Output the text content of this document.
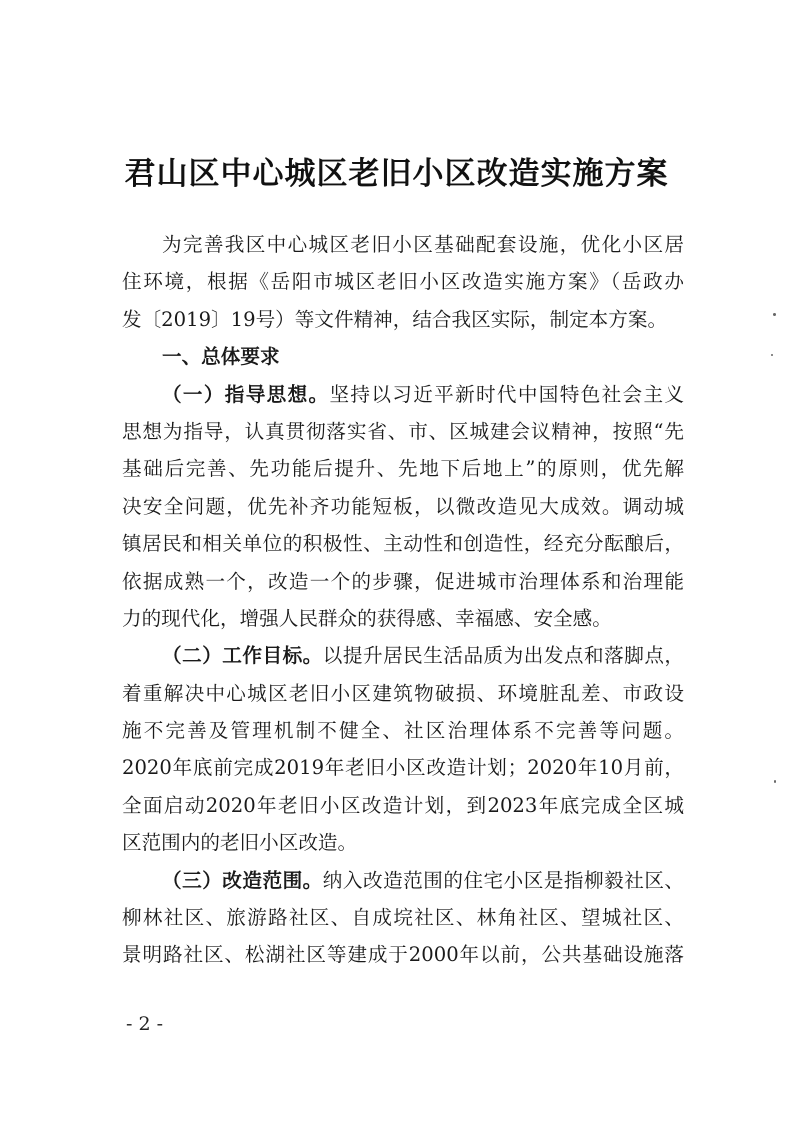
君山区中心城区老旧小区改造实施方案
为完善我区中心城区老旧小区基础配套设施，优化小区居
住环境，根据《岳阳市城区老旧小区改造实施方案》（岳政办
发〔2019〕19号）等文件精神，结合我区实际，制定本方案。
一、总体要求
（一）指导思想。坚持以习近平新时代中国特色社会主义
思想为指导，认真贯彻落实省、市、区城建会议精神，按照“先
基础后完善、先功能后提升、先地下后地上”的原则，优先解
决安全问题，优先补齐功能短板，以微改造见大成效。调动城
镇居民和相关单位的积极性、主动性和创造性，经充分酝酿后，
依据成熟一个，改造一个的步骤，促进城市治理体系和治理能
力的现代化，增强人民群众的获得感、幸福感、安全感。
（二）工作目标。以提升居民生活品质为出发点和落脚点，
着重解决中心城区老旧小区建筑物破损、环境脏乱差、市政设
施不完善及管理机制不健全、社区治理体系不完善等问题。
2020年底前完成2019年老旧小区改造计划；2020年10月前，
全面启动2020年老旧小区改造计划，到2023年底完成全区城
区范围内的老旧小区改造。
（三）改造范围。纳入改造范围的住宅小区是指柳毅社区、
柳林社区、旅游路社区、自成垸社区、林角社区、望城社区、
景明路社区、松湖社区等建成于2000年以前，公共基础设施落
- 2 -
